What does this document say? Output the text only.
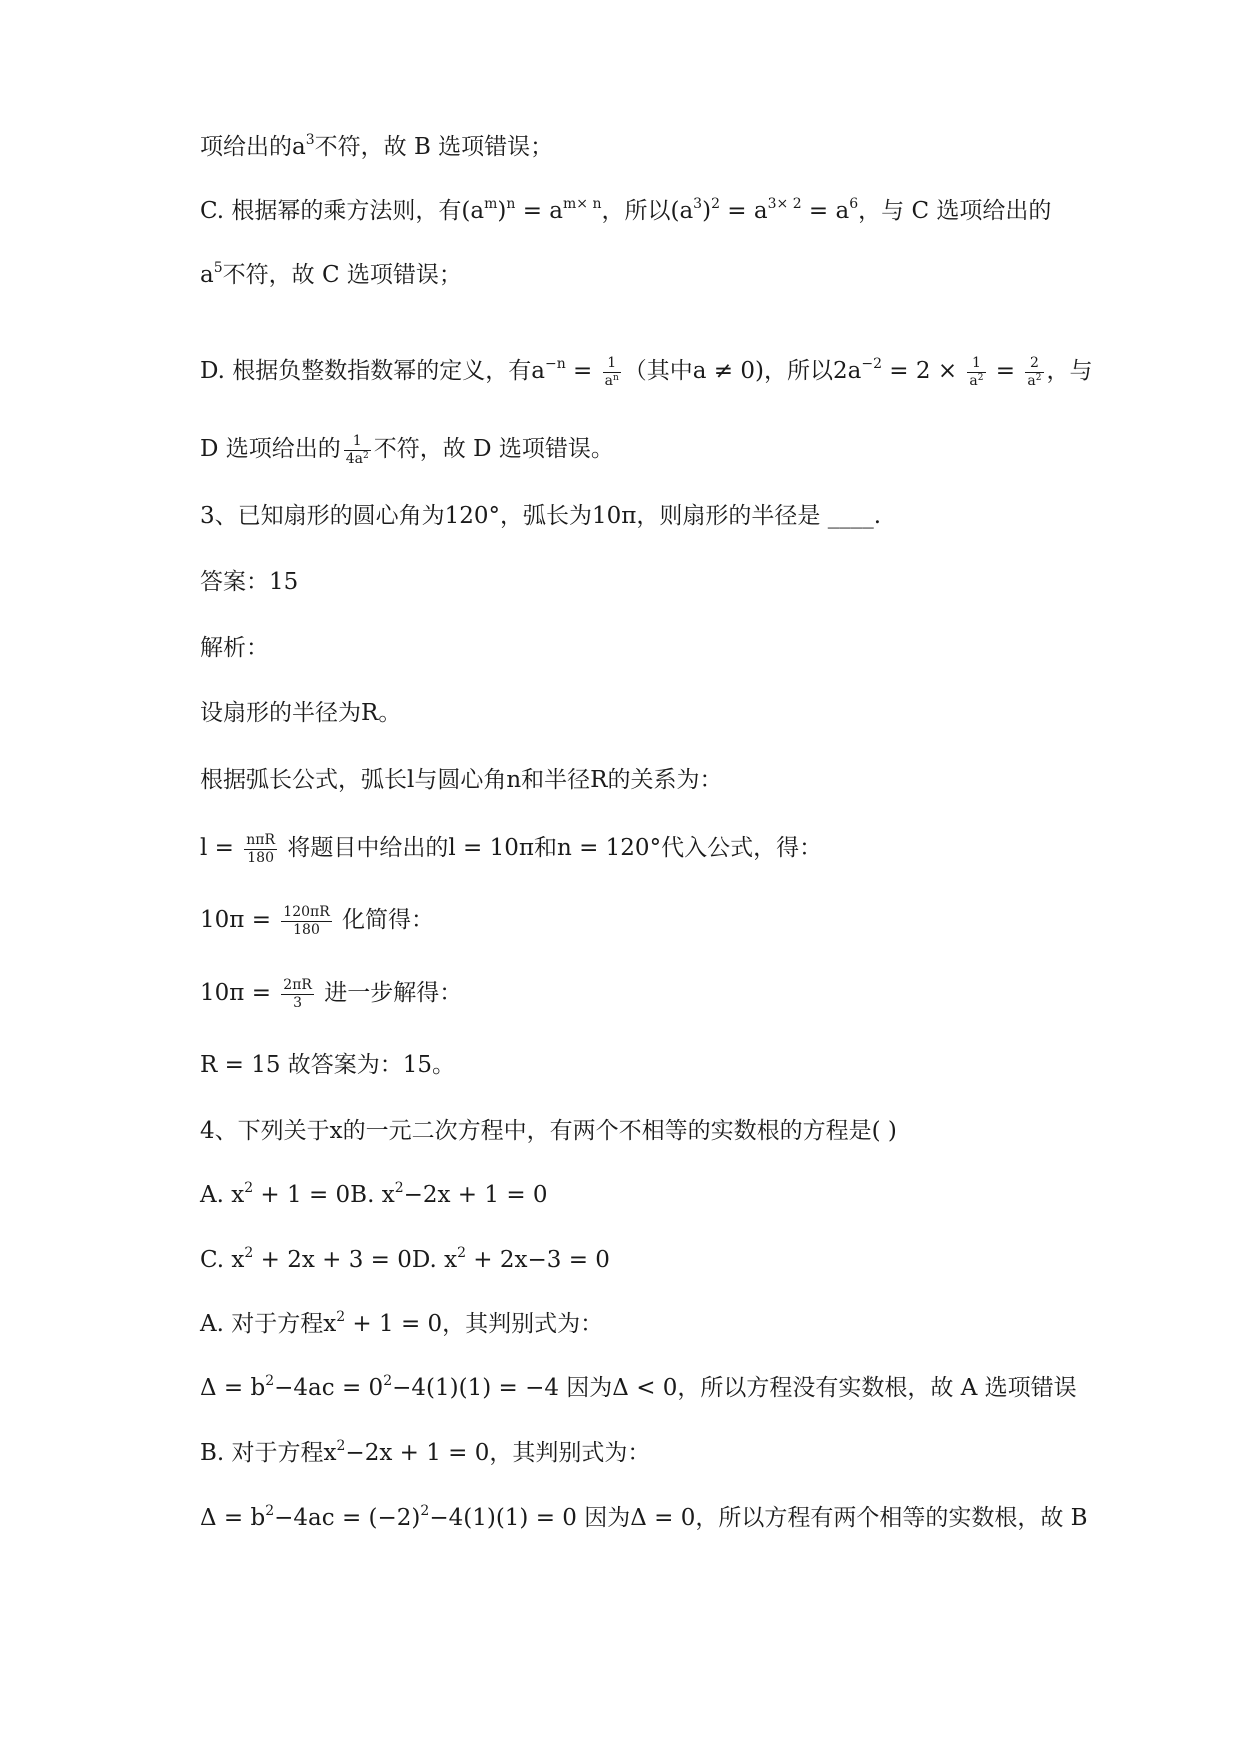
项给出的$a^3$不符，故 B 选项错误；
C. 根据幂的乘方法则，有$(a^m)^n = a^{m\times n}$，所以$(a^3)^2 = a^{3\times 2} = a^6$，与 C 选项给出的
$a^5$不符，故 C 选项错误；
D. 根据负整数指数幂的定义，有$a^{-n} = \frac{1}{a^n}$ （其中a ≠ 0)，所以$2a^{-2} = 2 \times \frac{1}{a^2} = \frac{2}{a^2}$ ，与
D 选项给出的 $\frac{1}{4a^2}$ 不符，故 D 选项错误。
3、已知扇形的圆心角为120°，弧长为10π，则扇形的半径是 ____.
答案：15
解析：
设扇形的半径为R。
根据弧长公式，弧长l与圆心角n和半径R的关系为：
$l = \frac{\text{nπR}}{180}$ 将题目中给出的l = 10π和n = 120°代入公式，得：
$10\pi = \frac{120\pi R}{180}$ 化简得：
$10\pi = \frac{2\pi R}{3}$ 进一步解得：
R = 15 故答案为：15。
4、下列关于x的一元二次方程中，有两个不相等的实数根的方程是( )
A. $x^2 + 1 = 0B$. $x^2-2x + 1 = 0$
C. $x^2 + 2x + 3 = 0D$. $x^2 + 2x-3 = 0$
A. 对于方程$x^2 + 1 = 0$，其判别式为：
$\Delta = b^2-4ac = 0^2-4(1)(1) = -4$ 因为Δ < 0，所以方程没有实数根，故 A 选项错误
B. 对于方程$x^2-2x + 1 = 0$，其判别式为：
$\Delta = b^2-4ac = (-2)^2-4(1)(1) = 0$ 因为Δ = 0，所以方程有两个相等的实数根，故 B
